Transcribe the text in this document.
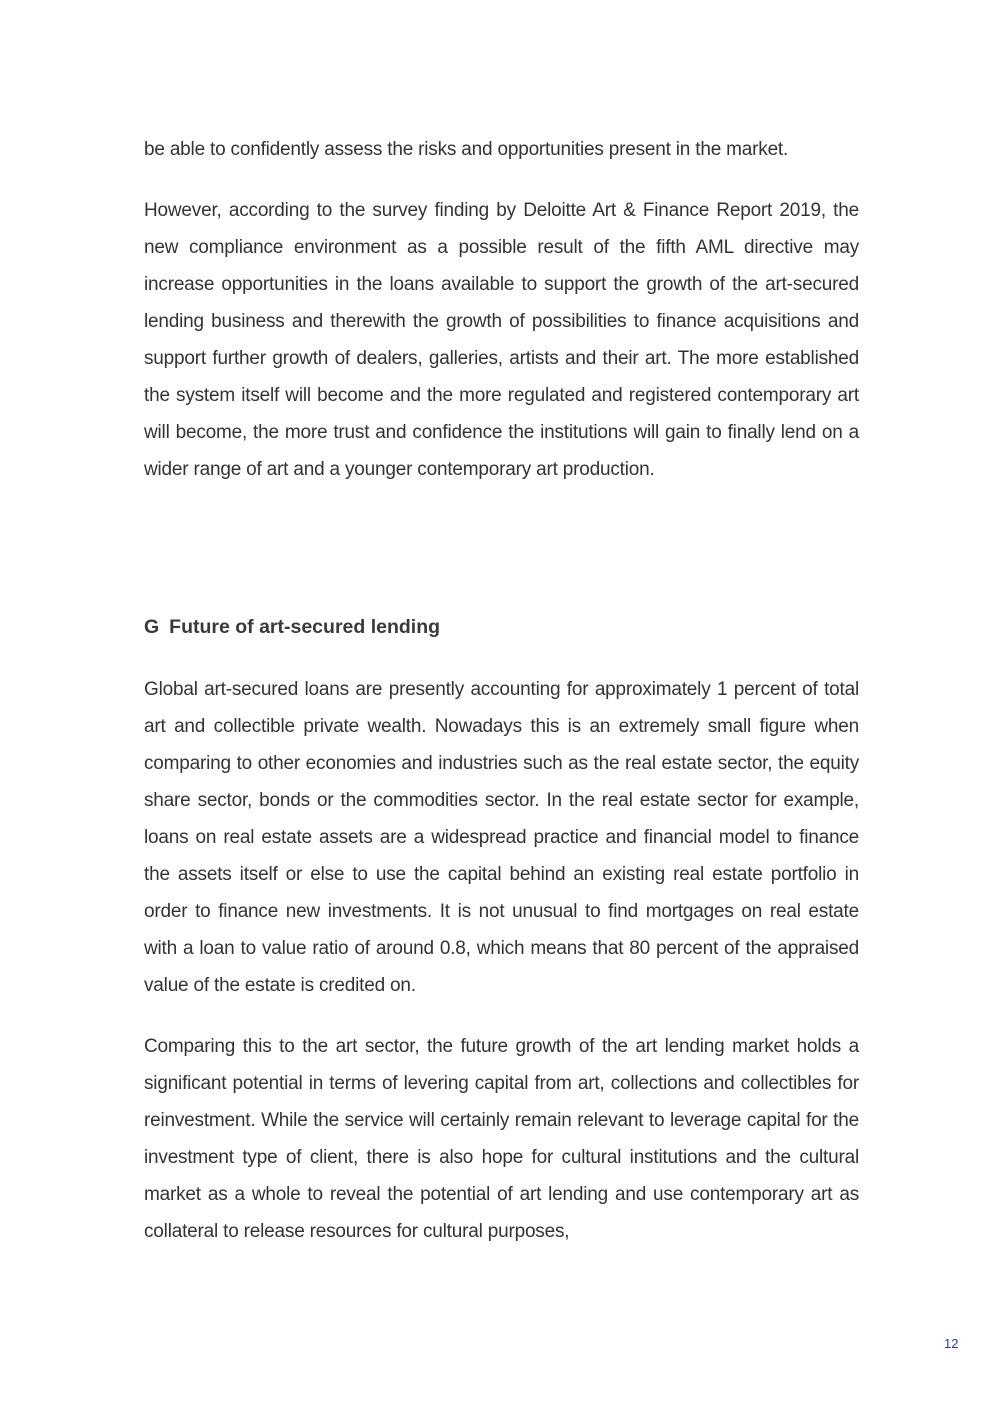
be able to confidently assess the risks and opportunities present in the market.

However, according to the survey finding by Deloitte Art & Finance Report 2019, the new compliance environment as a possible result of the fifth AML directive may increase opportunities in the loans available to support the growth of the art-secured lending business and therewith the growth of possibilities to finance acquisitions and support further growth of dealers, galleries, artists and their art. The more established the system itself will become and the more regulated and registered contemporary art will become, the more trust and confidence the institutions will gain to finally lend on a wider range of art and a younger contemporary art production.

G Future of art-secured lending

Global art-secured loans are presently accounting for approximately 1 percent of total art and collectible private wealth. Nowadays this is an extremely small figure when comparing to other economies and industries such as the real estate sector, the equity share sector, bonds or the commodities sector. In the real estate sector for example, loans on real estate assets are a widespread practice and financial model to finance the assets itself or else to use the capital behind an existing real estate portfolio in order to finance new investments. It is not unusual to find mortgages on real estate with a loan to value ratio of around 0.8, which means that 80 percent of the appraised value of the estate is credited on.

Comparing this to the art sector, the future growth of the art lending market holds a significant potential in terms of levering capital from art, collections and collectibles for reinvestment. While the service will certainly remain relevant to leverage capital for the investment type of client, there is also hope for cultural institutions and the cultural market as a whole to reveal the potential of art lending and use contemporary art as collateral to release resources for cultural purposes,

12
